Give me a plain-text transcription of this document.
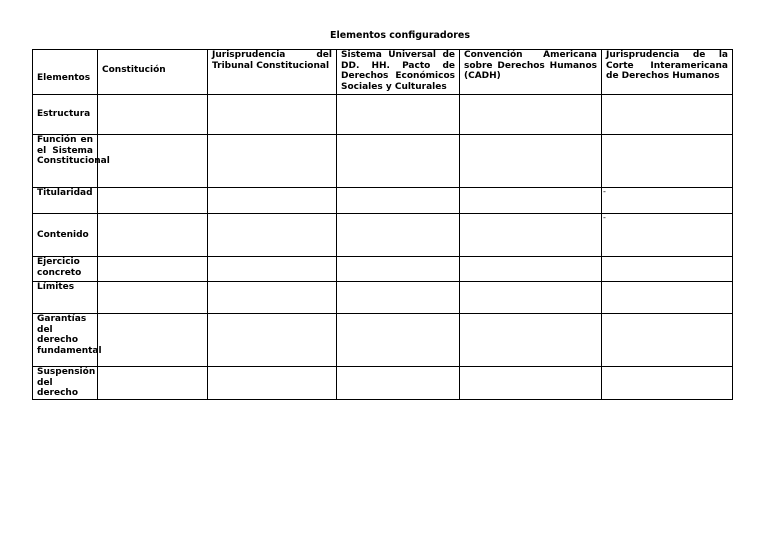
Elementos configuradores
Elementos	Constitución	Jurisprudencia del Tribunal Constitucional	Sistema Universal de DD. HH. Pacto de Derechos Económicos Sociales y Culturales	Convención Americana sobre Derechos Humanos (CADH)	Jurisprudencia de la Corte Interamericana de Derechos Humanos
Estructura					
Función en el Sistema Constitucional					
Titularidad					-

Contenido					-

Ejercicio concreto					
Límites					
Garantías del derecho fundamental					
Suspensión del derecho					
